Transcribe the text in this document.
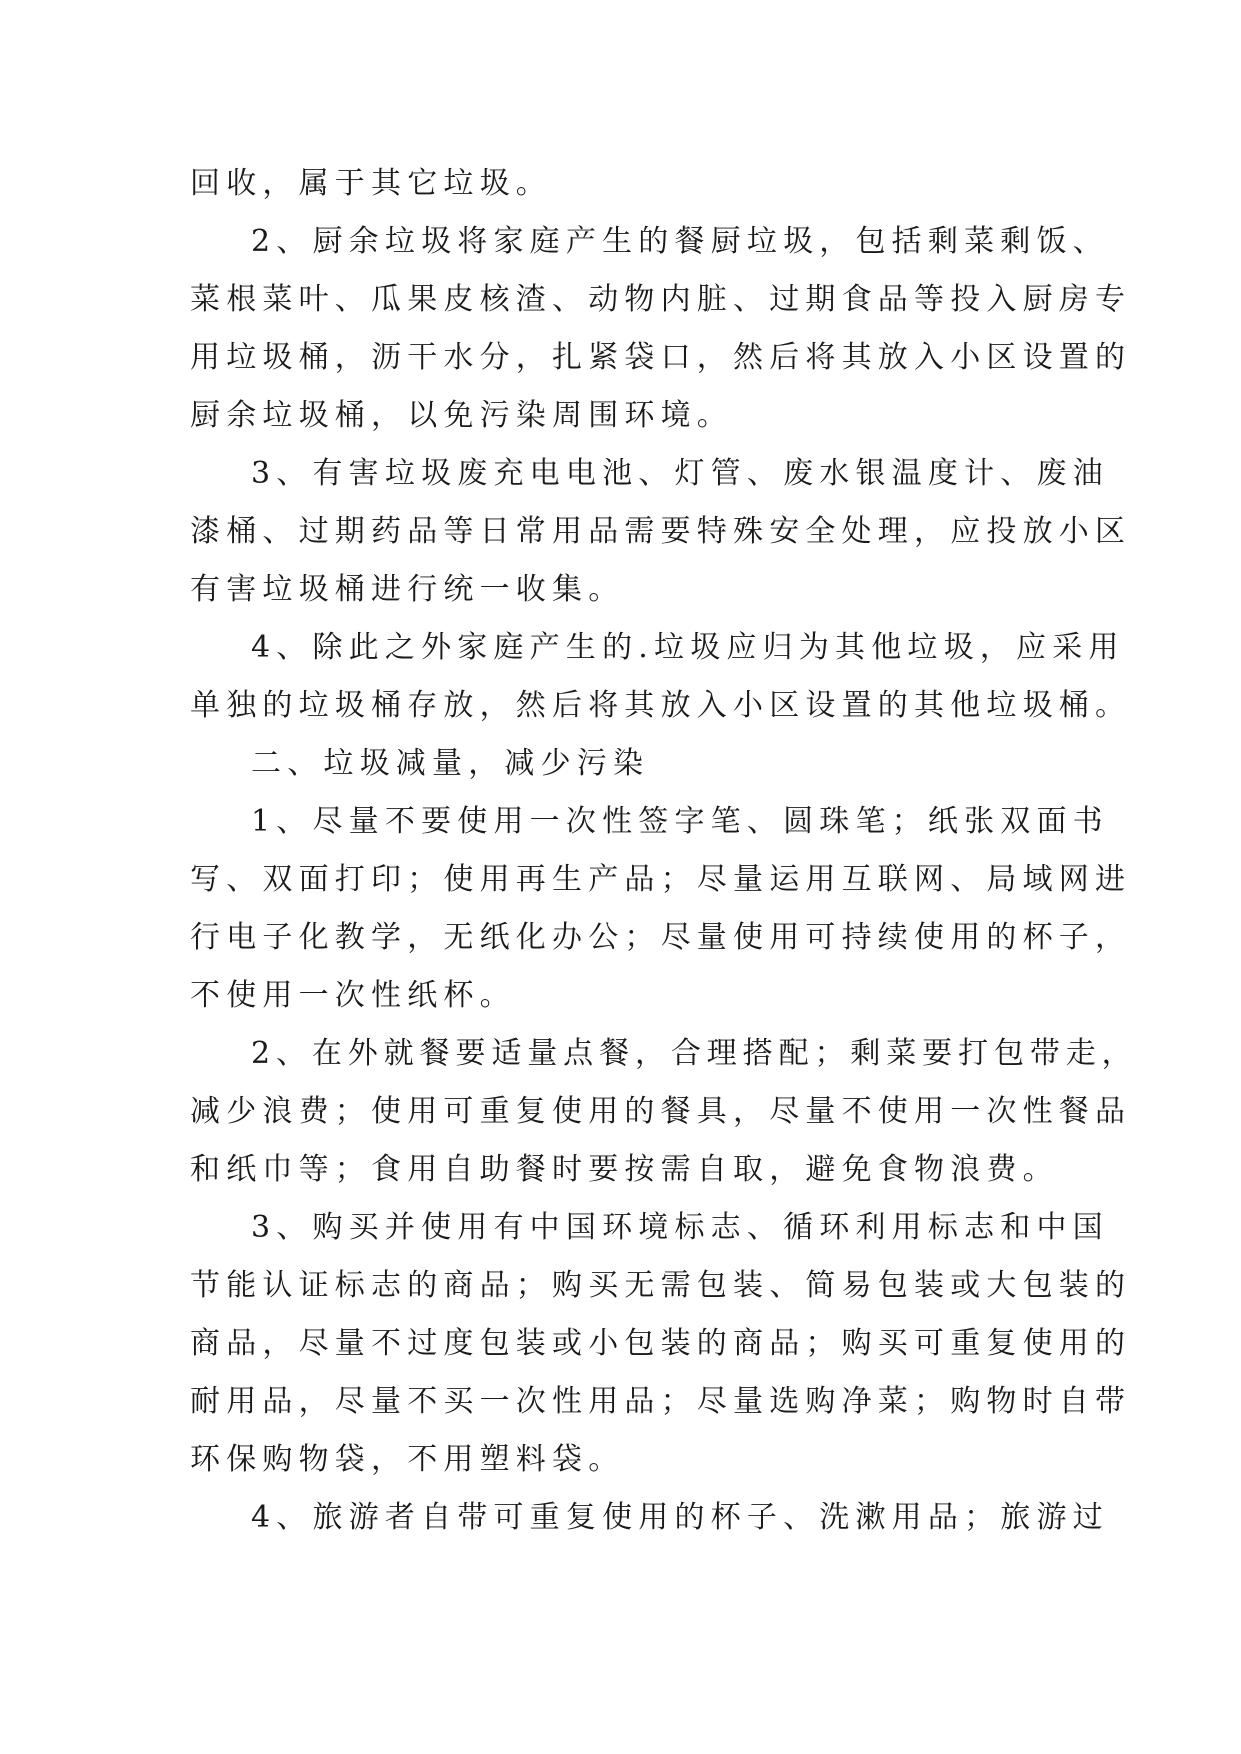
回收，属于其它垃圾。

2、厨余垃圾将家庭产生的餐厨垃圾，包括剩菜剩饭、

菜根菜叶、瓜果皮核渣、动物内脏、过期食品等投入厨房专

用垃圾桶，沥干水分，扎紧袋口，然后将其放入小区设置的

厨余垃圾桶，以免污染周围环境。

3、有害垃圾废充电电池、灯管、废水银温度计、废油

漆桶、过期药品等日常用品需要特殊安全处理，应投放小区

有害垃圾桶进行统一收集。

4、除此之外家庭产生的.垃圾应归为其他垃圾，应采用

单独的垃圾桶存放，然后将其放入小区设置的其他垃圾桶。

二、垃圾减量，减少污染

1、尽量不要使用一次性签字笔、圆珠笔；纸张双面书

写、双面打印；使用再生产品；尽量运用互联网、局域网进

行电子化教学，无纸化办公；尽量使用可持续使用的杯子，

不使用一次性纸杯。

2、在外就餐要适量点餐，合理搭配；剩菜要打包带走，

减少浪费；使用可重复使用的餐具，尽量不使用一次性餐品

和纸巾等；食用自助餐时要按需自取，避免食物浪费。

3、购买并使用有中国环境标志、循环利用标志和中国

节能认证标志的商品；购买无需包装、简易包装或大包装的

商品，尽量不过度包装或小包装的商品；购买可重复使用的

耐用品，尽量不买一次性用品；尽量选购净菜；购物时自带

环保购物袋，不用塑料袋。

4、旅游者自带可重复使用的杯子、洗漱用品；旅游过
